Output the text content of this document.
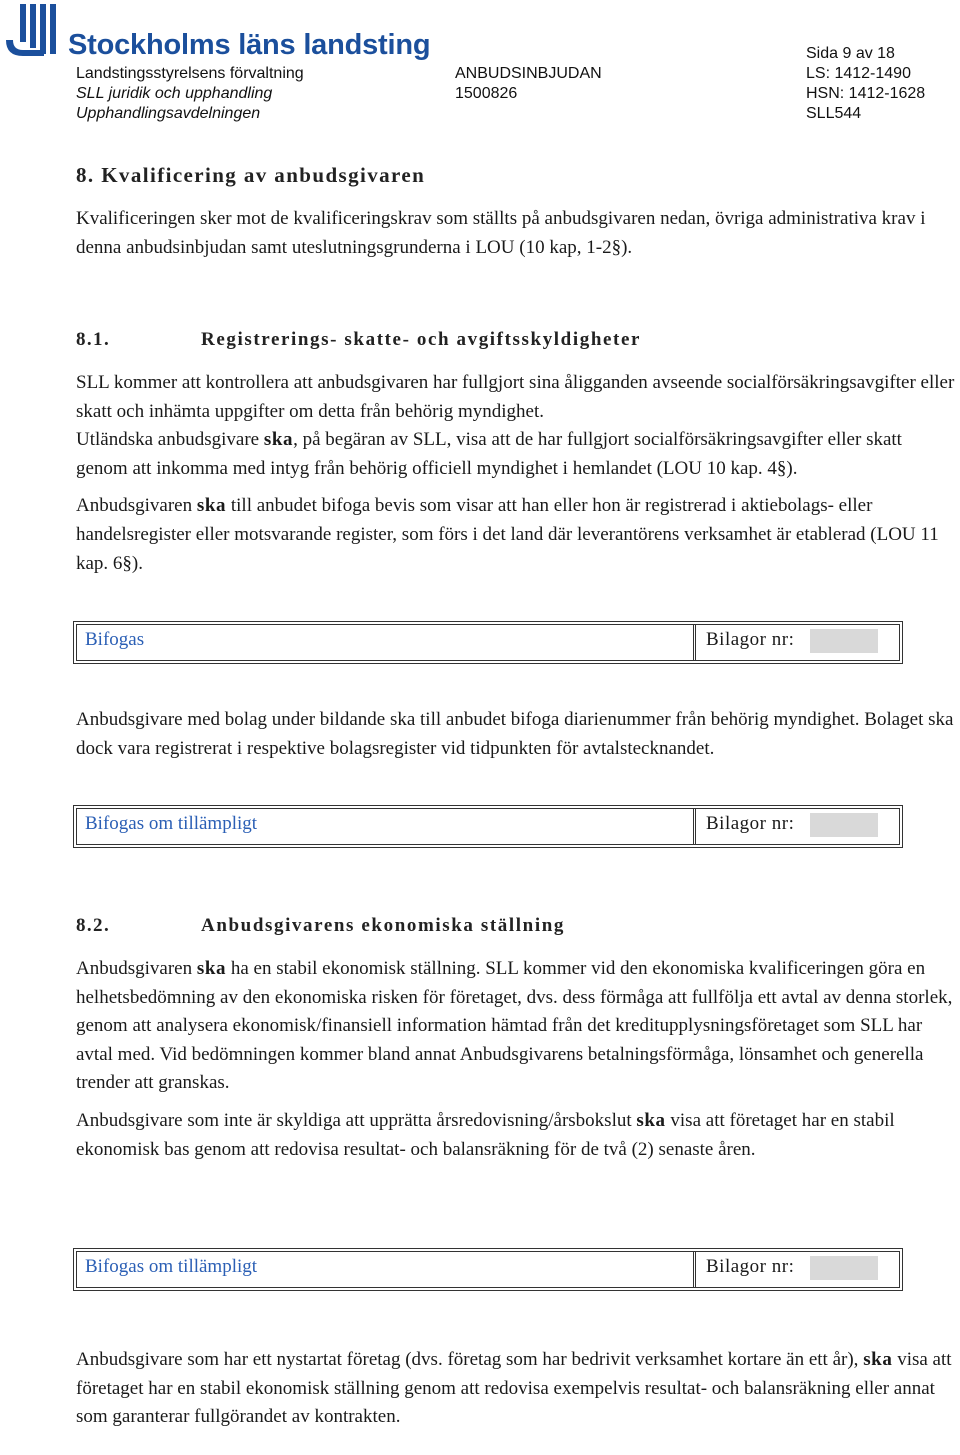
Stockholms läns landsting
Landstingsstyrelsens förvaltning
SLL juridik och upphandling
Upphandlingsavdelningen
ANBUDSINBJUDAN
1500826
Sida 9 av 18
LS: 1412-1490
HSN: 1412-1628
SLL544
8. Kvalificering av anbudsgivaren

Kvalificeringen sker mot de kvalificeringskrav som ställts på anbudsgivaren nedan, övriga administrativa krav i denna anbudsinbjudan samt uteslutningsgrunderna i LOU (10 kap, 1-2§).

8.1.	Registrerings- skatte- och avgiftsskyldigheter

SLL kommer att kontrollera att anbudsgivaren har fullgjort sina åligganden avseende socialförsäkringsavgifter eller skatt och inhämta uppgifter om detta från behörig myndighet.

Utländska anbudsgivare ska, på begäran av SLL, visa att de har fullgjort socialförsäkringsavgifter eller skatt genom att inkomma med intyg från behörig officiell myndighet i hemlandet (LOU 10 kap. 4§).

Anbudsgivaren ska till anbudet bifoga bevis som visar att han eller hon är registrerad i aktiebolags- eller handelsregister eller motsvarande register, som förs i det land där leverantörens verksamhet är etablerad (LOU 11 kap. 6§).

Bifogas	Bilagor nr:

Anbudsgivare med bolag under bildande ska till anbudet bifoga diarienummer från behörig myndighet. Bolaget ska dock vara registrerat i respektive bolagsregister vid tidpunkten för avtalstecknandet.

Bifogas om tillämpligt	Bilagor nr:
8.2.	Anbudsgivarens ekonomiska ställning

Anbudsgivaren ska ha en stabil ekonomisk ställning. SLL kommer vid den ekonomiska kvalificeringen göra en helhetsbedömning av den ekonomiska risken för företaget, dvs. dess förmåga att fullfölja ett avtal av denna storlek, genom att analysera ekonomisk/finansiell information hämtad från det kreditupplysningsföretaget som SLL har avtal med. Vid bedömningen kommer bland annat Anbudsgivarens betalningsförmåga, lönsamhet och generella trender att granskas.

Anbudsgivare som inte är skyldiga att upprätta årsredovisning/årsbokslut ska visa att företaget har en stabil ekonomisk bas genom att redovisa resultat- och balansräkning för de två (2) senaste åren.

Bifogas om tillämpligt	Bilagor nr:

Anbudsgivare som har ett nystartat företag (dvs. företag som har bedrivit verksamhet kortare än ett år), ska visa att företaget har en stabil ekonomisk ställning genom att redovisa exempelvis resultat- och balansräkning eller annat som garanterar fullgörandet av kontrakten.
